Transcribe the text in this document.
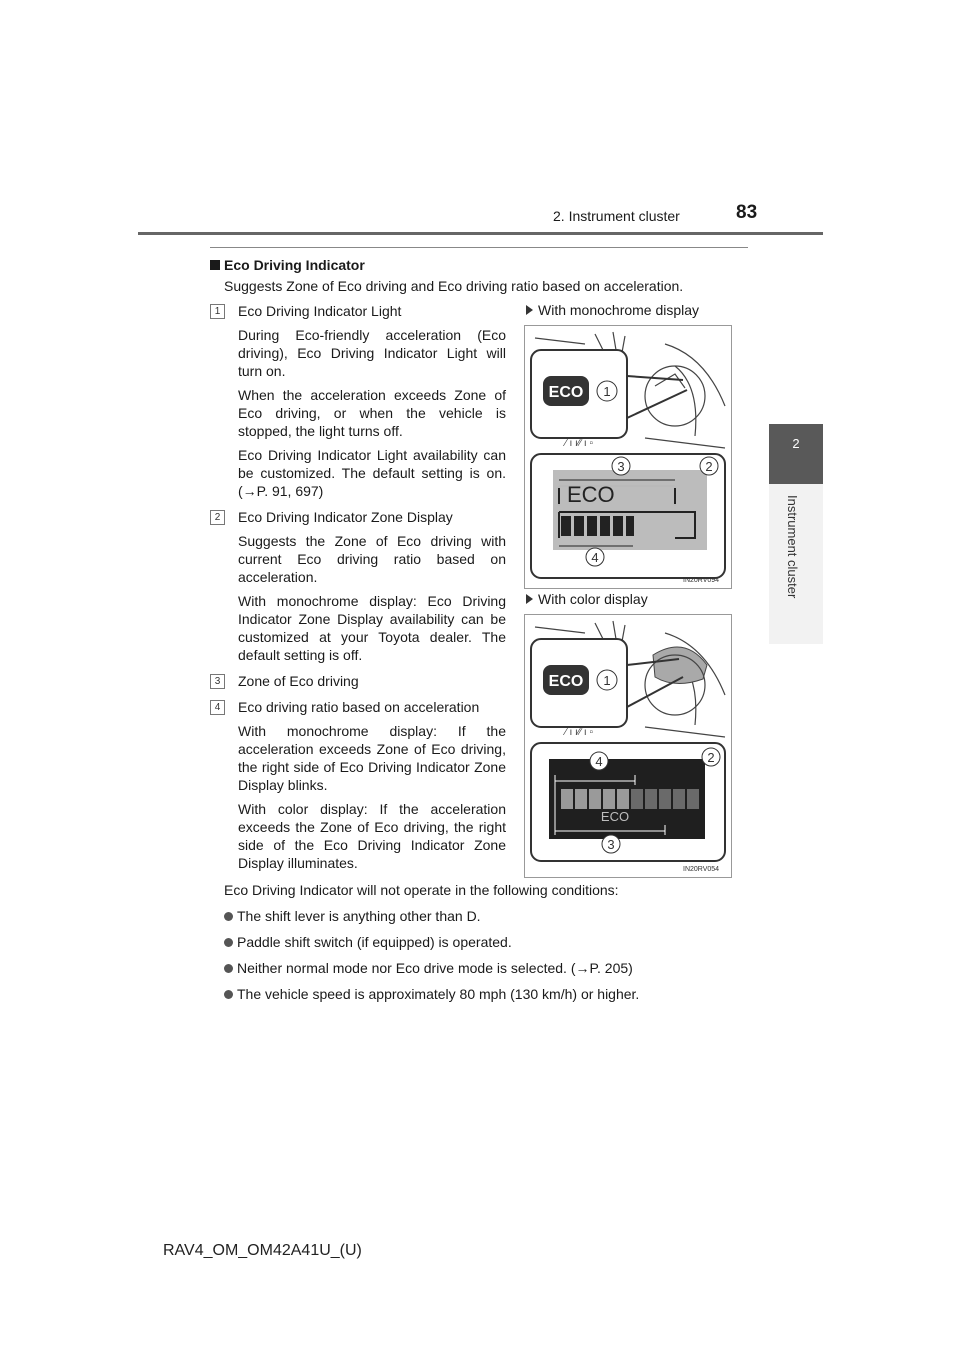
2. Instrument cluster	83
2
Instrument cluster
Eco Driving Indicator
Suggests Zone of Eco driving and Eco driving ratio based on acceleration.
1	Eco Driving Indicator Light

During Eco-friendly acceleration (Eco driving), Eco Driving Indicator Light will turn on.

When the acceleration exceeds Zone of Eco driving, or when the vehicle is stopped, the light turns off.

Eco Driving Indicator Light availability can be customized. The default setting is on. (→P. 91, 697)

2	Eco Driving Indicator Zone Display

Suggests the Zone of Eco driving with current Eco driving ratio based on acceleration.

With monochrome display: Eco Driving Indicator Zone Display availability can be customized at your Toyota dealer. The default setting is off.

3	Zone of Eco driving
4	Eco driving ratio based on acceleration

With monochrome display: If the acceleration exceeds Zone of Eco driving, the right side of Eco Driving Indicator Zone Display blinks.

With color display: If the acceleration exceeds the Zone of Eco driving, the right side of the Eco Driving Indicator Zone Display illuminates.

With monochrome display
⁄ ı ı∕∕ ı ▫
ECO 1
ECO
3	2
4
IN20RV094
With color display
⁄ ı ı∕∕ ı ▫
ECO 1
ECO
4	2
3
IN20RV054
Eco Driving Indicator will not operate in the following conditions:
The shift lever is anything other than D.
Paddle shift switch (if equipped) is operated.
Neither normal mode nor Eco drive mode is selected. (→P. 205)
The vehicle speed is approximately 80 mph (130 km/h) or higher.
RAV4_OM_OM42A41U_(U)
